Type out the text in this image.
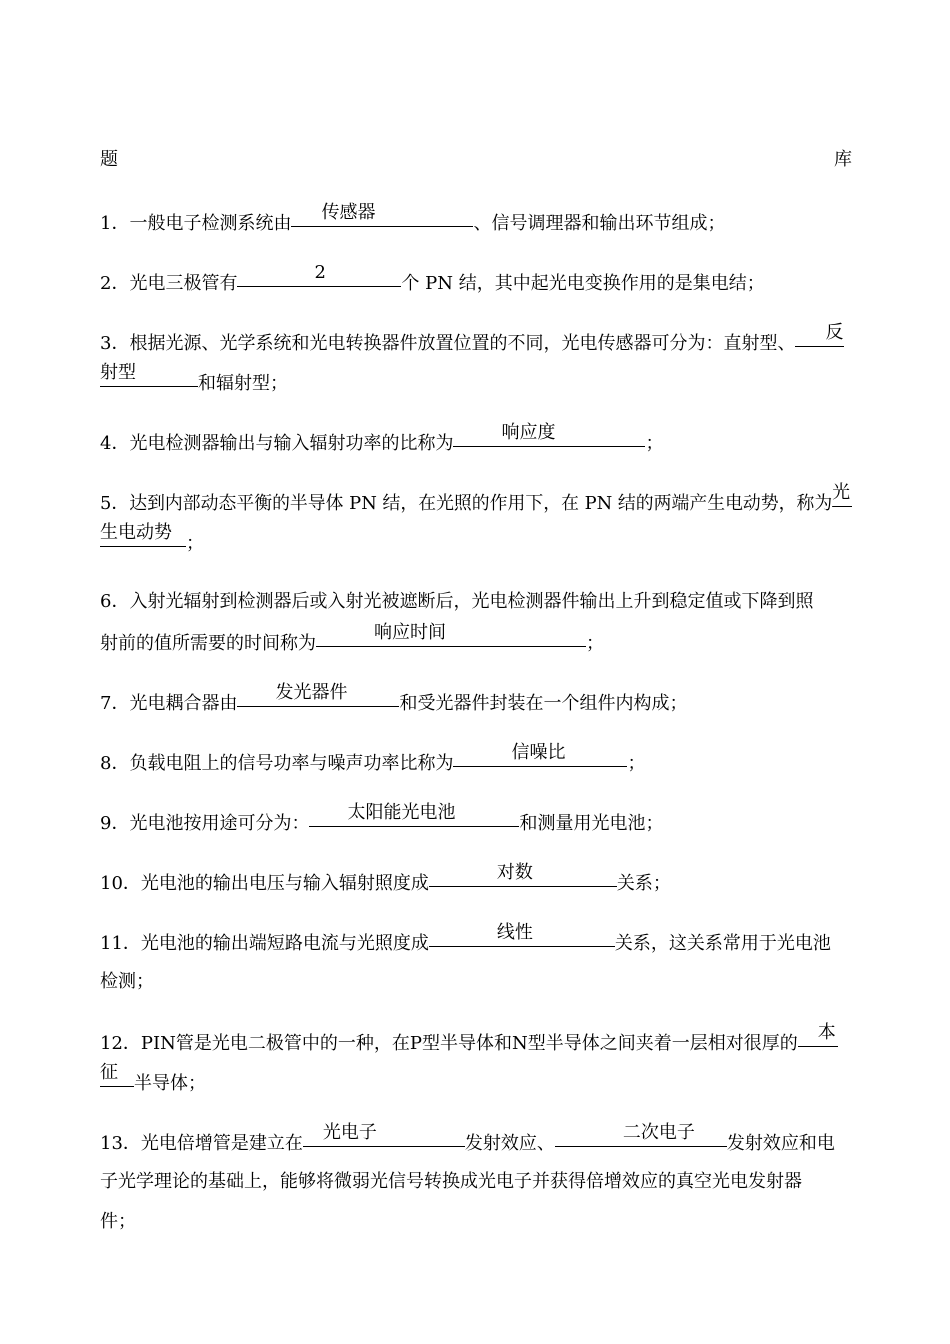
题	库
1．一般电子检测系统由
传感器
、信号调理器和输出环节组成；
2．光电三极管有
2
个 PN 结，其中起光电变换作用的是集电结；
3．根据光源、光学系统和光电转换器件放置位置的不同，光电传感器可分为：直射型、
反
射型
和辐射型；
4．光电检测器输出与输入辐射功率的比称为
响应度
；
5．达到内部动态平衡的半导体 PN 结，在光照的作用下，在 PN 结的两端产生电动势，称为
光
生电动势
；
6．入射光辐射到检测器后或入射光被遮断后，光电检测器件输出上升到稳定值或下降到照
射前的值所需要的时间称为
响应时间
；
7．光电耦合器由
发光器件
和受光器件封装在一个组件内构成；
8．负载电阻上的信号功率与噪声功率比称为
信噪比
；
9．光电池按用途可分为：
太阳能光电池
和测量用光电池；
10．光电池的输出电压与输入辐射照度成
对数
关系；
11．光电池的输出端短路电流与光照度成
线性
关系，这关系常用于光电池
检测；
12．PIN管是光电二极管中的一种，在P型半导体和N型半导体之间夹着一层相对很厚的
本
征
半导体；
13．光电倍增管是建立在
光电子
发射效应、
二次电子
发射效应和电
子光学理论的基础上，能够将微弱光信号转换成光电子并获得倍增效应的真空光电发射器
件；
